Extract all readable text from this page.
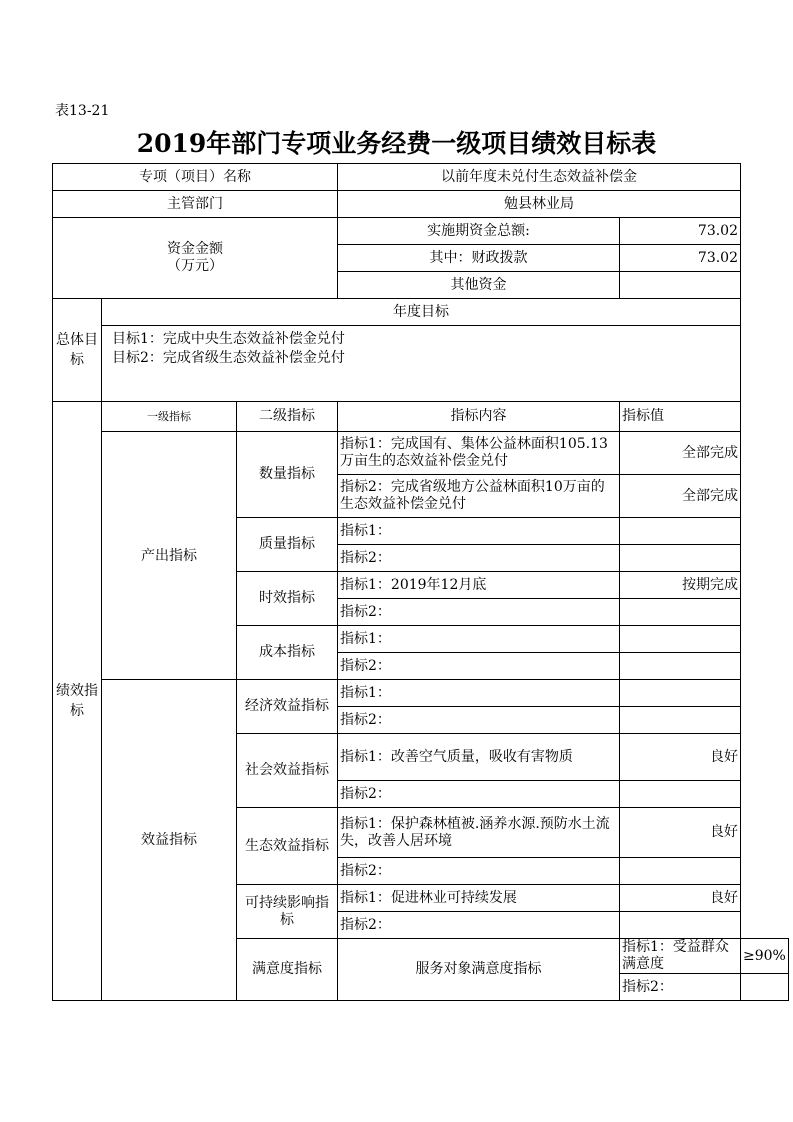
表13-21
2019年部门专项业务经费一级项目绩效目标表
专项（项目）名称			以前年度未兑付生态效益补偿金		
主管部门			勉县林业局		

资金金额
（万元）			实施期资金总额:	73.02	
			其中：财政拨款	73.02	
			其他资金		
总体目标	年度目标				

	目标1：完成中央生态效益补偿金兑付
目标2：完成省级生态效益补偿金兑付				

绩效指标	一级指标	二级指标	指标内容	指标值	
	产出指标	数量指标	指标1：完成国有、集体公益林面积105.13万亩生的态效益补偿金兑付	全部完成	
			指标2：完成省级地方公益林面积10万亩的生态效益补偿金兑付	全部完成	
		质量指标	指标1：		
			指标2：		
		时效指标	指标1：2019年12月底	按期完成	
			指标2：		
		成本指标	指标1：		
			指标2：		
	效益指标	经济效益指标	指标1：		
			指标2：		
		社会效益指标	指标1：改善空气质量，吸收有害物质	良好	
			指标2：		
		生态效益指标	指标1：保护森林植被.涵养水源.预防水土流失，改善人居环境	良好	
			指标2：		
		可持续影响指标	指标1：促进林业可持续发展	良好	
			指标2：		
		满意度指标	服务对象满意度指标	指标1：受益群众满意度	≥90%
				指标2：	
